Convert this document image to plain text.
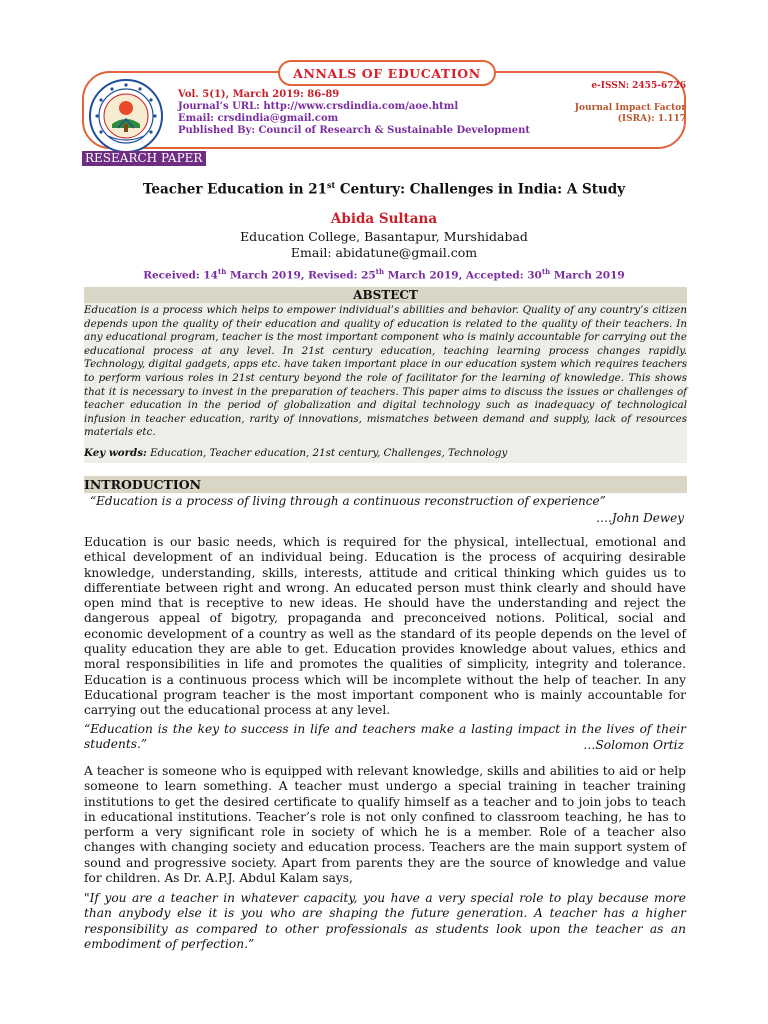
ANNALS OF EDUCATION
Vol. 5(1), March 2019: 86-89
Journal’s URL: http://www.crsdindia.com/aoe.html
Email: crsdindia@gmail.com
Published By: Council of Research & Sustainable Development
e-ISSN: 2455-6726
Journal Impact Factor
(ISRA): 1.117
RESEARCH PAPER
Teacher Education in 21st Century: Challenges in India: A Study
Abida Sultana
Education College, Basantapur, Murshidabad
Email: abidatune@gmail.com
Received: 14th March 2019, Revised: 25th March 2019, Accepted: 30th March 2019
ABSTECT
Education is a process which helps to empower individual’s abilities and behavior. Quality of any country’s citizen depends upon the quality of their education and quality of education is related to the quality of their teachers. In any educational program, teacher is the most important component who is mainly accountable for carrying out the educational process at any level. In 21st century education, teaching learning process changes rapidly. Technology, digital gadgets, apps etc. have taken important place in our education system which requires teachers to perform various roles in 21st century beyond the role of facilitator for the learning of knowledge. This shows that it is necessary to invest in the preparation of teachers. This paper aims to discuss the issues or challenges of teacher education in the period of globalization and digital technology such as inadequacy of technological infusion in teacher education, rarity of innovations, mismatches between demand and supply, lack of resources materials etc.
Key words: Education, Teacher education, 21st century, Challenges, Technology
INTRODUCTION
“Education is a process of living through a continuous reconstruction of experience”
….John Dewey
Education is our basic needs, which is required for the physical, intellectual, emotional and ethical development of an individual being. Education is the process of acquiring desirable knowledge, understanding, skills, interests, attitude and critical thinking which guides us to differentiate between right and wrong. An educated person must think clearly and should have open mind that is receptive to new ideas. He should have the understanding and reject the dangerous appeal of bigotry, propaganda and preconceived notions. Political, social and economic development of a country as well as the standard of its people depends on the level of quality education they are able to get. Education provides knowledge about values, ethics and moral responsibilities in life and promotes the qualities of simplicity, integrity and tolerance. Education is a continuous process which will be incomplete without the help of teacher. In any Educational program teacher is the most important component who is mainly accountable for carrying out the educational process at any level.
“Education is the key to success in life and teachers make a lasting impact in the lives of their students.”	…Solomon Ortiz
A teacher is someone who is equipped with relevant knowledge, skills and abilities to aid or help someone to learn something. A teacher must undergo a special training in teacher training institutions to get the desired certificate to qualify himself as a teacher and to join jobs to teach in educational institutions. Teacher’s role is not only confined to classroom teaching, he has to perform a very significant role in society of which he is a member. Role of a teacher also changes with changing society and education process. Teachers are the main support system of sound and progressive society. Apart from parents they are the source of knowledge and value for children. As Dr. A.P.J. Abdul Kalam says,
"If you are a teacher in whatever capacity, you have a very special role to play because more than anybody else it is you who are shaping the future generation. A teacher has a higher responsibility as compared to other professionals as students look upon the teacher as an embodiment of perfection.”
